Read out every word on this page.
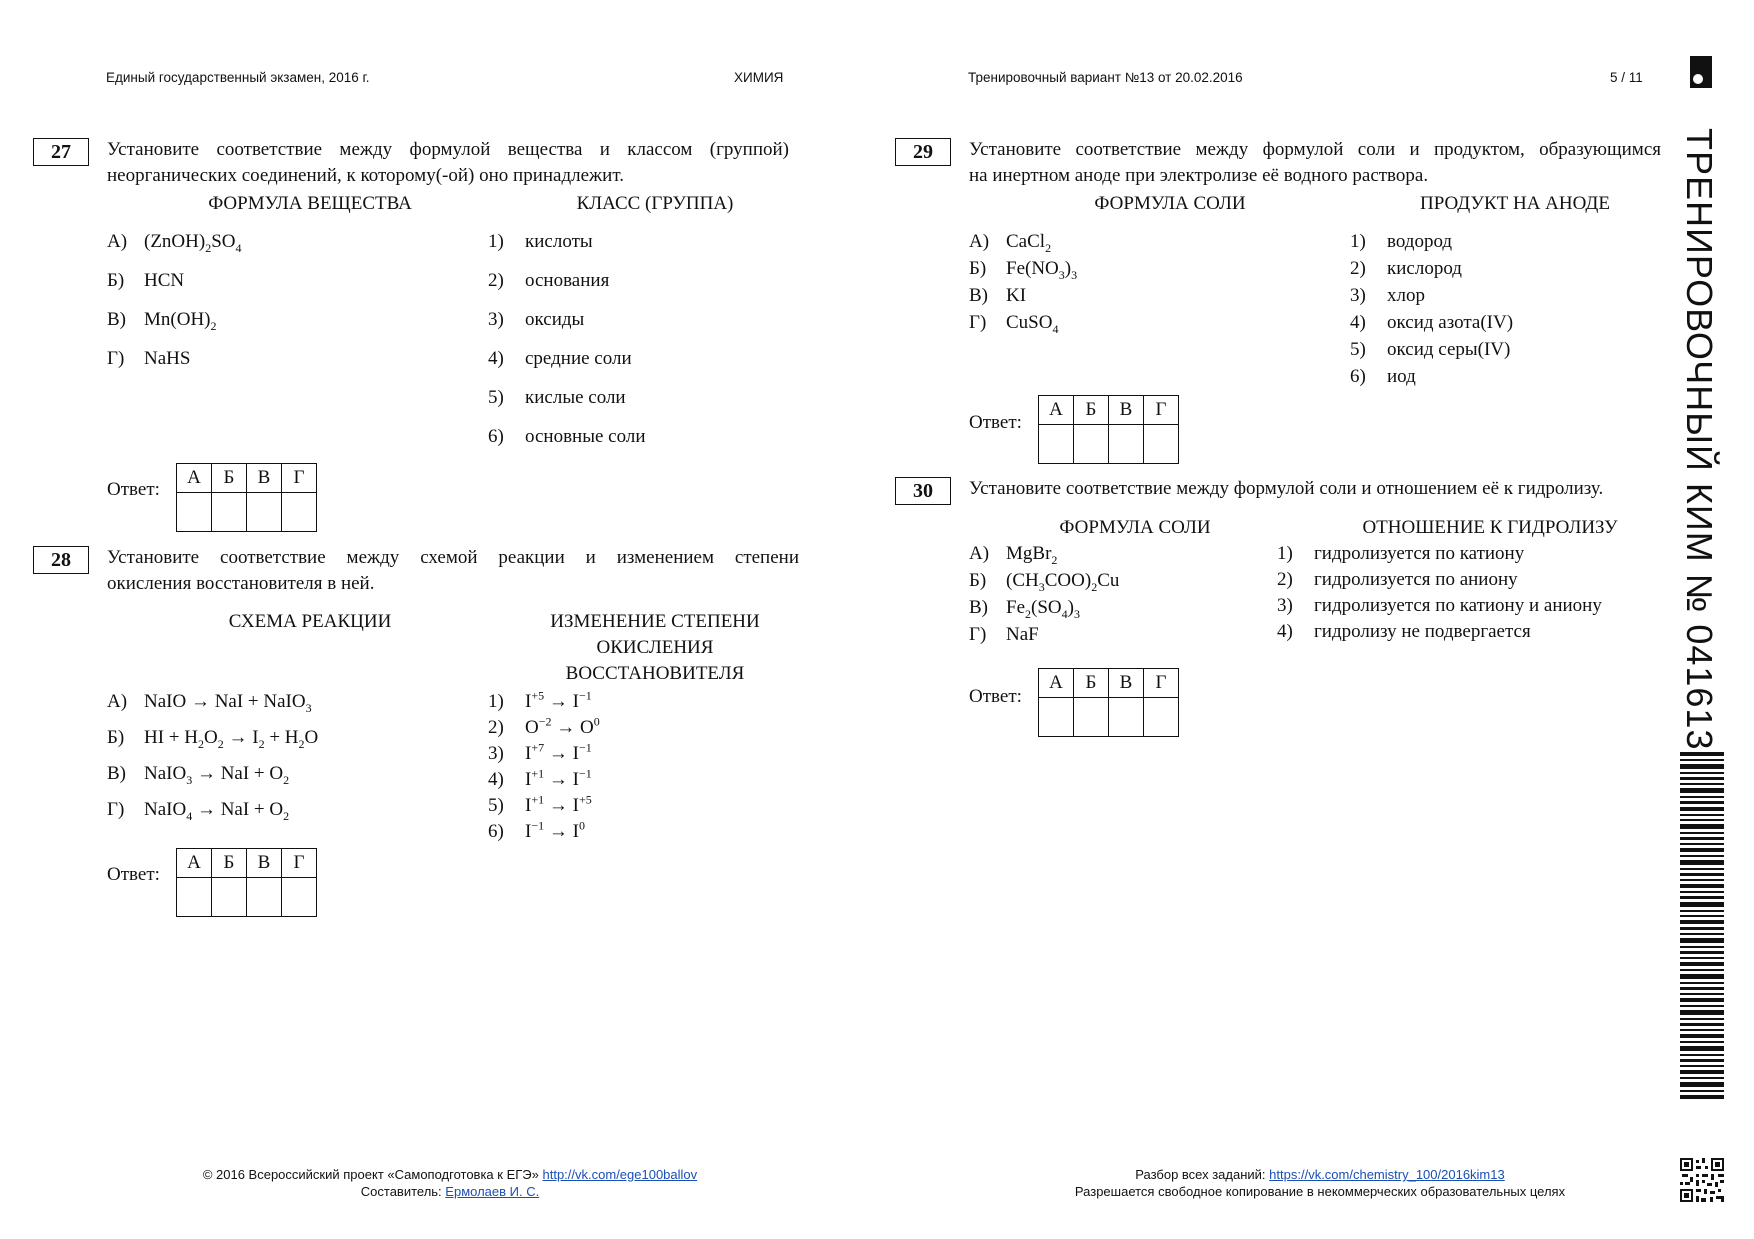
Единый государственный экзамен, 2016 г.	ХИМИЯ	Тренировочный вариант №13 от 20.02.2016	5 / 11
ТРЕНИРОВОЧНЫЙ КИМ № 041613
27	Установите соответствие между формулой вещества и классом (группой)
неорганических соединений, к которому(-ой) оно принадлежит.
ФОРМУЛА ВЕЩЕСТВА	КЛАСС (ГРУППА)
А) $(ZnOH)_2SO_4$
Б) HCN
В) $Mn(OH)_2$
Г) NaHS
1) кислоты
2) основания
3) оксиды
4) средние соли
5) кислые соли
6) основные соли
Ответ:
А	Б	В	Г

28	Установите соответствие между схемой реакции и изменением степени
окисления восстановителя в ней.
СХЕМА РЕАКЦИИ	ИЗМЕНЕНИЕ СТЕПЕНИ
ОКИСЛЕНИЯ
ВОССТАНОВИТЕЛЯ
А) NaIO → NaI + NaIO$_3$
Б) HI + $H_2O_2 \to I_2 + H_2O$
В) NaIO$_3$ → NaI + $O_2$
Г) NaIO$_4$ → NaI + $O_2$
1) $I^{+5} \to I^{-1}$
2) $O^{-2} \to O^0$
3) $I^{+7} \to I^{-1}$
4) $I^{+1} \to I^{-1}$
5) $I^{+1} \to I^{+5}$
6) $I^{-1} \to I^0$
Ответ:
А	Б	В	Г

29	Установите соответствие между формулой соли и продуктом, образующимся
на инертном аноде при электролизе её водного раствора.
ФОРМУЛА СОЛИ	ПРОДУКТ НА АНОДЕ
А) CaCl$_2$
Б) $Fe(NO_3)_3$
В) KI
Г) CuSO$_4$
1) водород
2) кислород
3) хлор
4) оксид азота(IV)
5) оксид серы(IV)
6) иод
Ответ:
А	Б	В	Г

30	Установите соответствие между формулой соли и отношением её к гидролизу.
ФОРМУЛА СОЛИ	ОТНОШЕНИЕ К ГИДРОЛИЗУ
А) MgBr$_2$
Б) $(CH_3COO)_2Cu$
В) $Fe_2(SO_4)_3$
Г) NaF
1) гидролизуется по катиону
2) гидролизуется по аниону
3) гидролизуется по катиону и аниону
4) гидролизу не подвергается
Ответ:
А	Б	В	Г

© 2016 Всероссийский проект «Самоподготовка к ЕГЭ» http://vk.com/ege100ballov
Составитель: Ермолаев И. С.
Разбор всех заданий: https://vk.com/chemistry_100/2016kim13
Разрешается свободное копирование в некоммерческих образовательных целях
